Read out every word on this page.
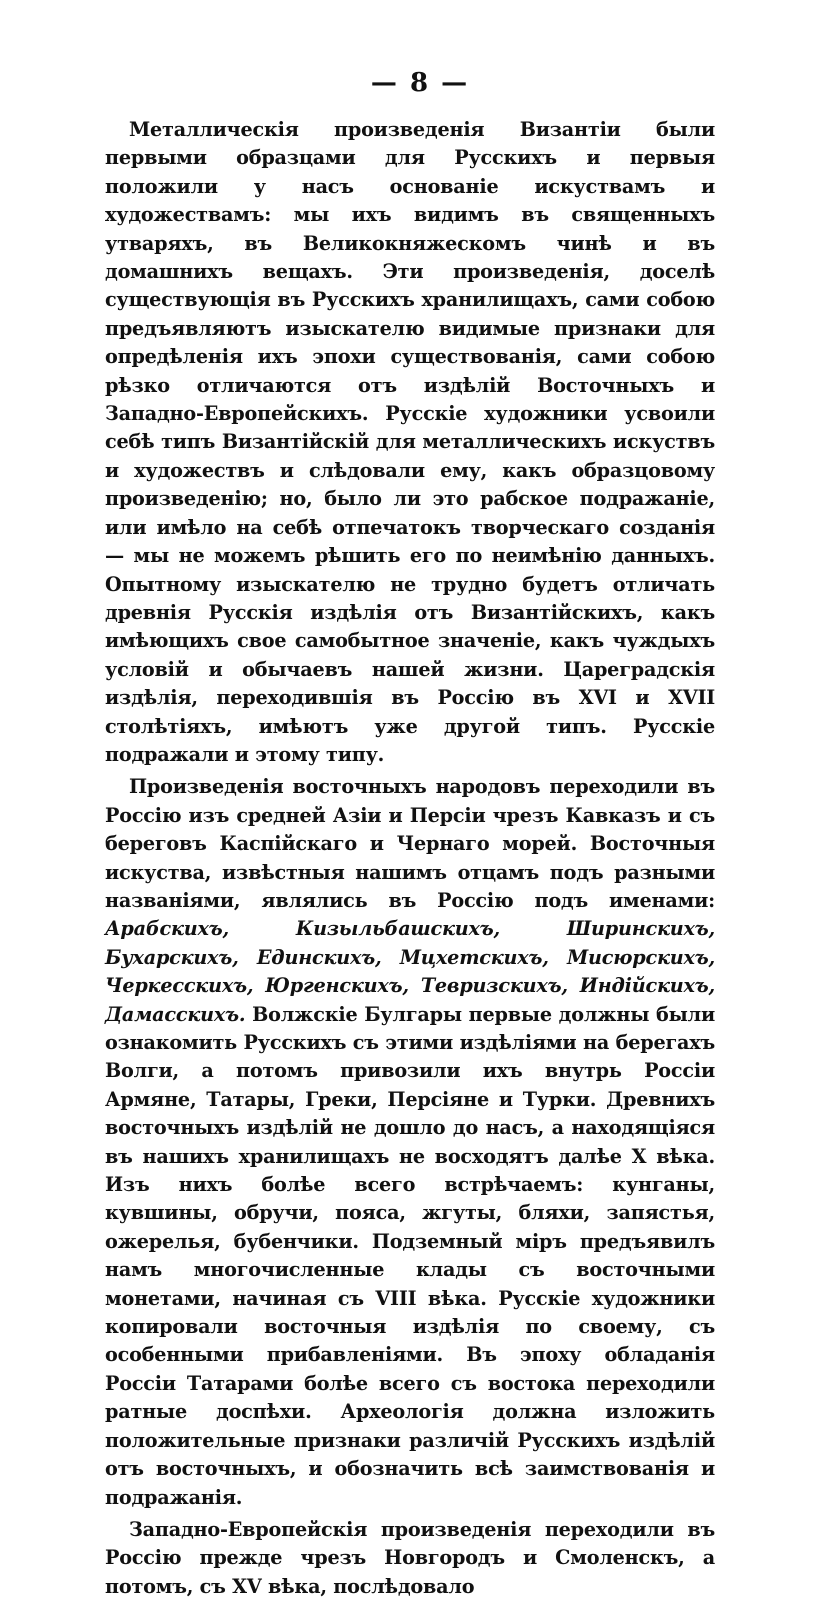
— 8 —

Металлическія произведенія Византіи были первыми образцами для Русскихъ и первыя положили у насъ основаніе искуствамъ и художествамъ: мы ихъ видимъ въ священныхъ утваряхъ, въ Великокняжескомъ чинѣ и въ домашнихъ вещахъ. Эти произведенія, доселѣ существующія въ Русскихъ хранилищахъ, сами собою предъявляютъ изыскателю видимые признаки для опредѣленія ихъ эпохи существованія, сами собою рѣзко отличаются отъ издѣлій Восточныхъ и Западно-Европейскихъ. Русскіе художники усвоили себѣ типъ Византійскій для металлическихъ искуствъ и художествъ и слѣдовали ему, какъ образцовому произведенію; но, было ли это рабское подражаніе, или имѣло на себѣ отпечатокъ творческаго созданія — мы не можемъ рѣшить его по неимѣнію данныхъ. Опытному изыскателю не трудно будетъ отличать древнія Русскія издѣлія отъ Византійскихъ, какъ имѣющихъ свое самобытное значеніе, какъ чуждыхъ условій и обычаевъ нашей жизни. Цареградскія издѣлія, переходившія въ Россію въ XVI и XVII столѣтіяхъ, имѣютъ уже другой типъ. Русскіе подражали и этому типу.

Произведенія восточныхъ народовъ переходили въ Россію изъ средней Азіи и Персіи чрезъ Кавказъ и съ береговъ Каспійскаго и Чернаго морей. Восточныя искуства, извѣстныя нашимъ отцамъ подъ разными названіями, являлись въ Россію подъ именами: Арабскихъ, Кизыльбашскихъ, Ширинскихъ, Бухарскихъ, Единскихъ, Мцхетскихъ, Мисюрскихъ, Черкесскихъ, Юргенскихъ, Тевризскихъ, Индійскихъ, Дамасскихъ. Волжскіе Булгары первые должны были ознакомить Русскихъ съ этими издѣліями на берегахъ Волги, а потомъ привозили ихъ внутрь Россіи Армяне, Татары, Греки, Персіяне и Турки. Древнихъ восточныхъ издѣлій не дошло до насъ, а находящіяся въ нашихъ хранилищахъ не восходятъ далѣе X вѣка. Изъ нихъ болѣе всего встрѣчаемъ: кунганы, кувшины, обручи, пояса, жгуты, бляхи, запястья, ожерелья, бубенчики. Подземный міръ предъявилъ намъ многочисленные клады съ восточными монетами, начиная съ VIII вѣка. Русскіе художники копировали восточныя издѣлія по своему, съ особенными прибавленіями. Въ эпоху обладанія Россіи Татарами болѣе всего съ востока переходили ратные доспѣхи. Археологія должна изложить положительные признаки различій Русскихъ издѣлій отъ восточныхъ, и обозначить всѣ заимствованія и подражанія.

Западно-Европейскія произведенія переходили въ Россію прежде чрезъ Новгородъ и Смоленскъ, а потомъ, съ XV вѣка, послѣдовало
